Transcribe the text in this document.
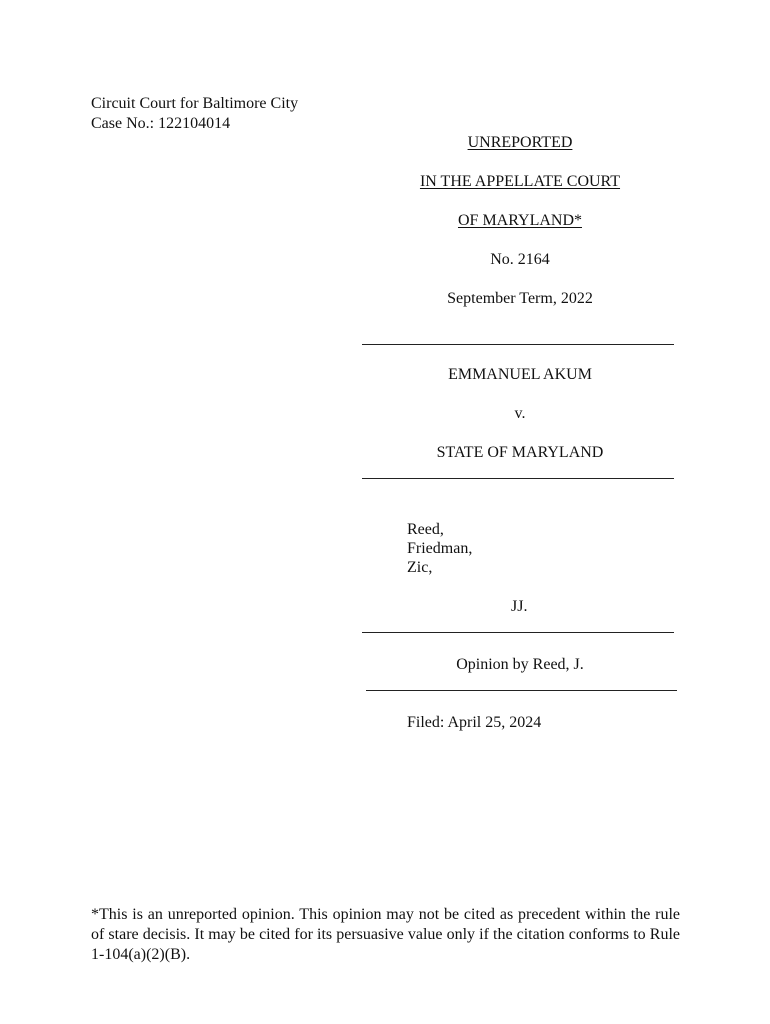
Circuit Court for Baltimore City
Case No.: 122104014
UNREPORTED
IN THE APPELLATE COURT
OF MARYLAND*
No. 2164
September Term, 2022
EMMANUEL AKUM
v.
STATE OF MARYLAND
Reed,
Friedman,
Zic,
JJ.
Opinion by Reed, J.
Filed: April 25, 2024
*This is an unreported opinion. This opinion may not be cited as precedent within the rule of stare decisis. It may be cited for its persuasive value only if the citation conforms to Rule 1-104(a)(2)(B).
